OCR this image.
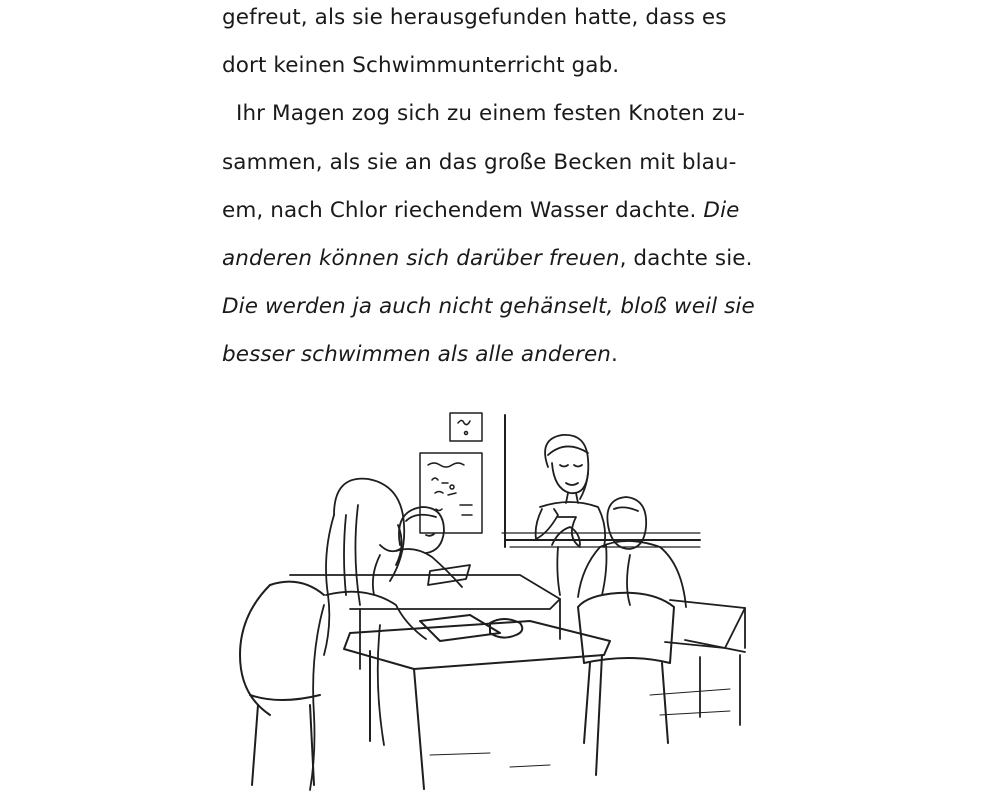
gefreut, als sie herausgefunden hatte, dass es
dort keinen Schwimmunterricht gab.
Ihr Magen zog sich zu einem festen Knoten zu-
sammen, als sie an das große Becken mit blau-
em, nach Chlor riechendem Wasser dachte. Die
anderen können sich darüber freuen, dachte sie.
Die werden ja auch nicht gehänselt, bloß weil sie
besser schwimmen als alle anderen.
